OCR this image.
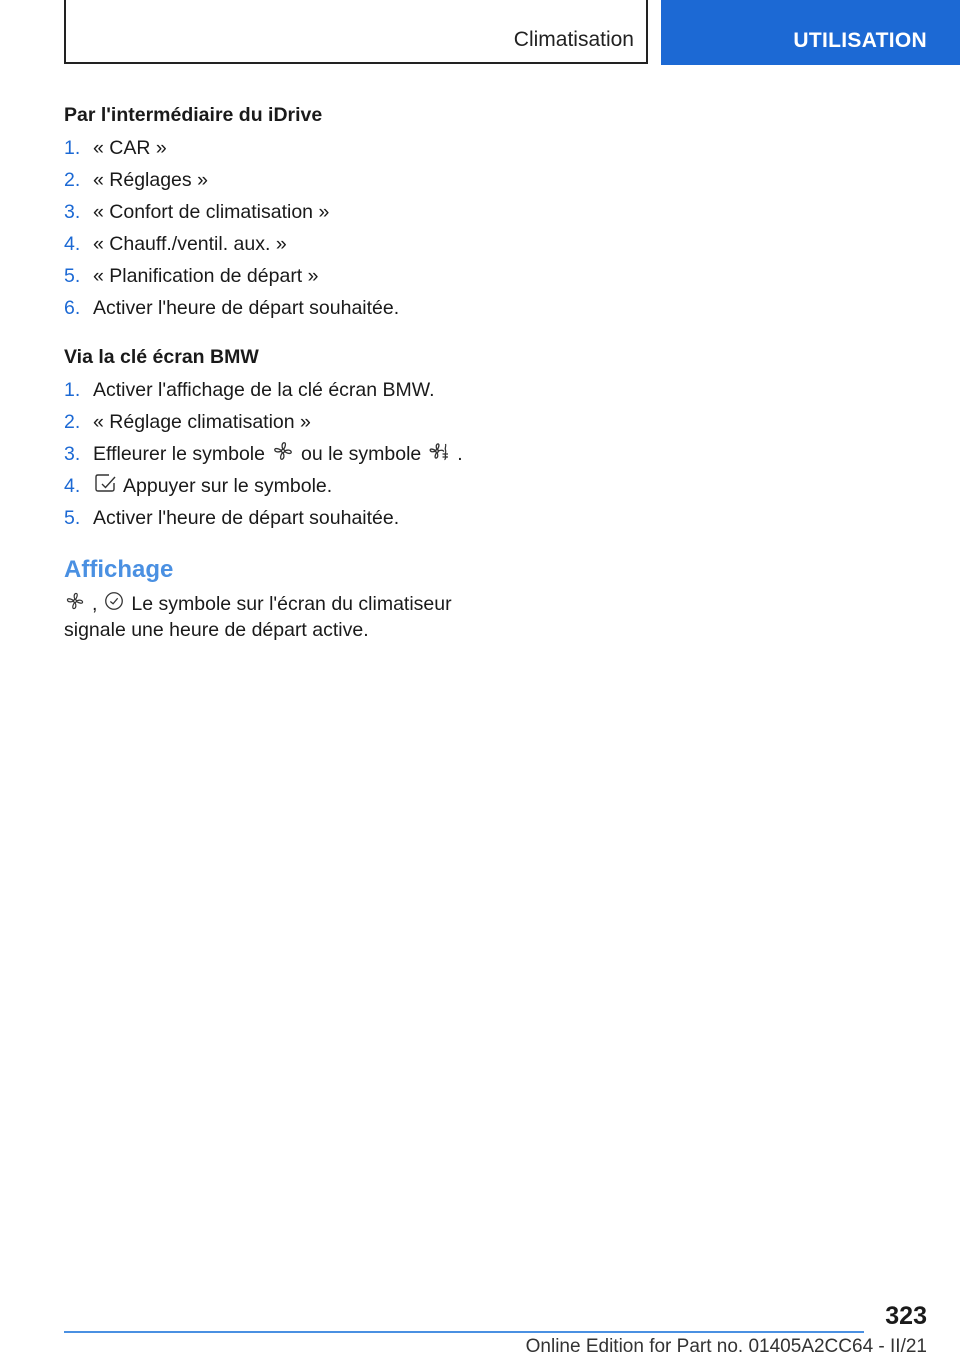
Climatisation	UTILISATION
Par l'intermédiaire du iDrive
1. « CAR »
2. « Réglages »
3. « Confort de climatisation »
4. « Chauff./ventil. aux. »
5. « Planification de départ »
6. Activer l'heure de départ souhaitée.
Via la clé écran BMW
1. Activer l'affichage de la clé écran BMW.
2. « Réglage climatisation »
3. Effleurer le symbole ou le symbole .
4.	Appuyer sur le symbole.
5. Activer l'heure de départ souhaitée.
Affichage
, Le symbole sur l'écran du climatiseur
signale une heure de départ active.
323
Online Edition for Part no. 01405A2CC64 - II/21
